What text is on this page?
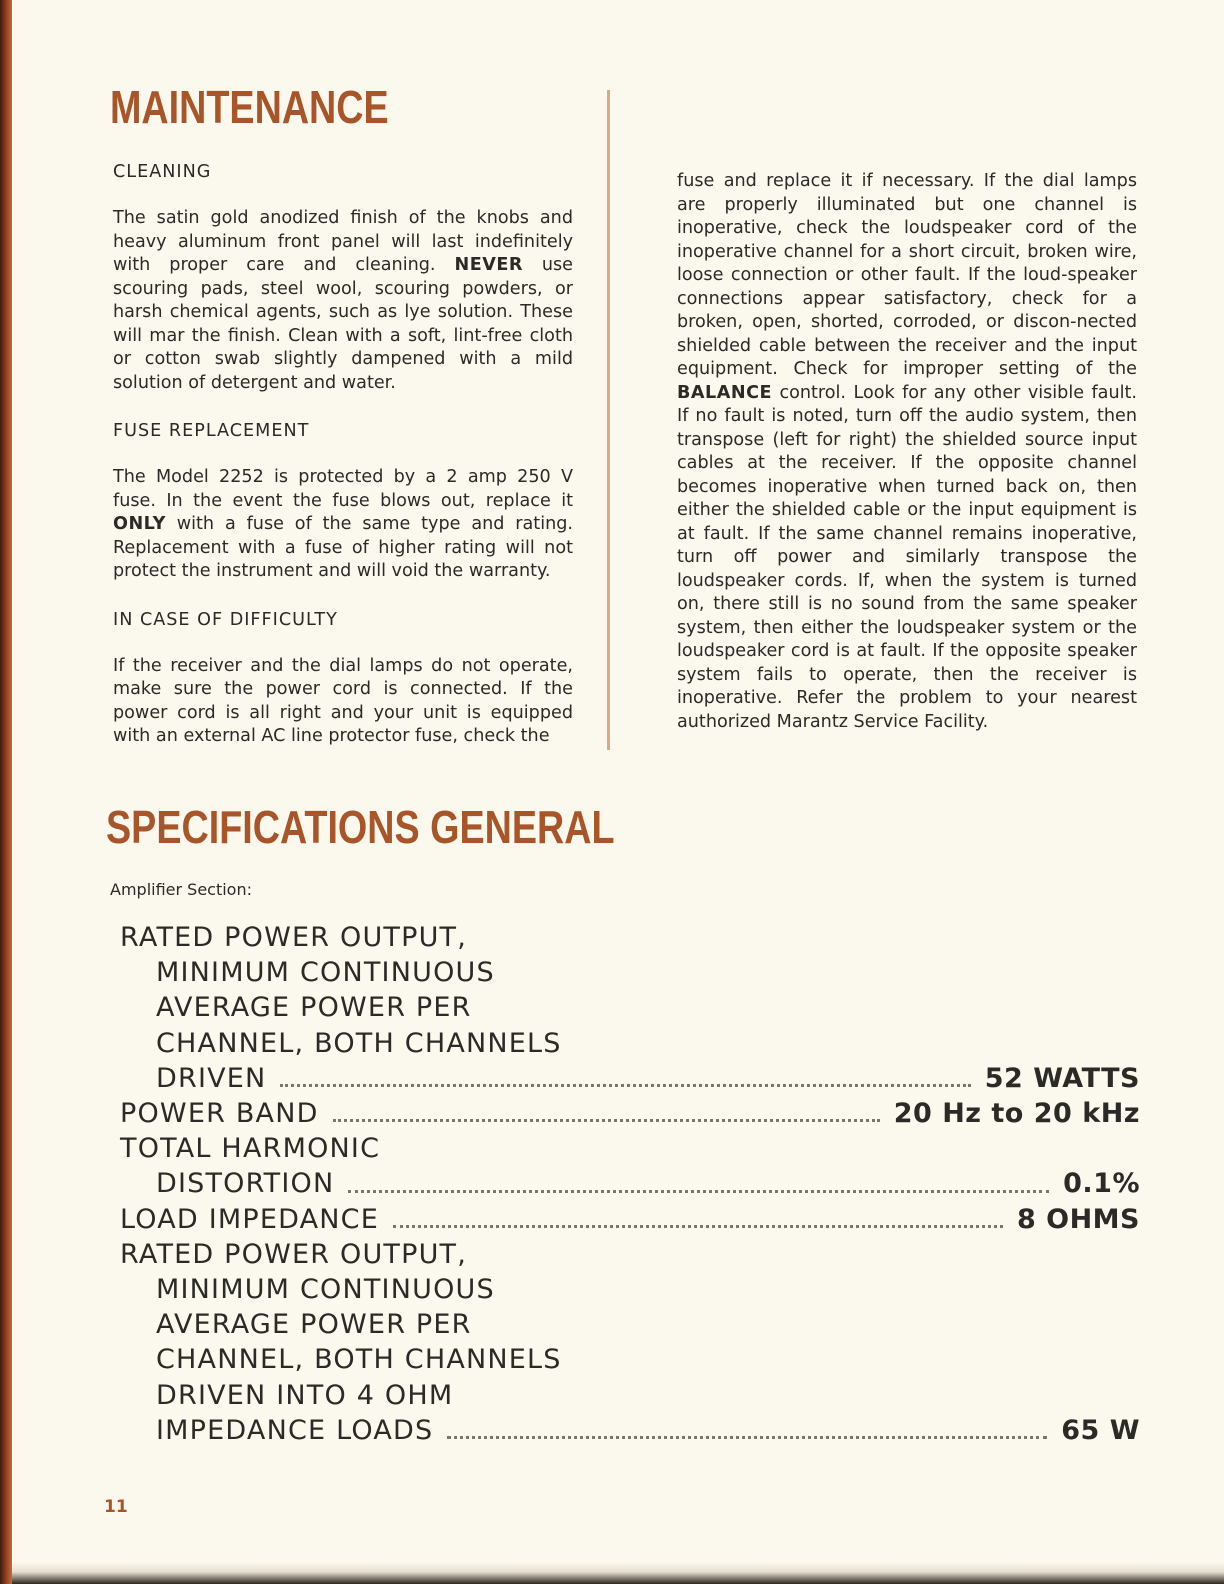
MAINTENANCE
CLEANING

The satin gold anodized finish of the knobs and heavy aluminum front panel will last indefinitely with proper care and cleaning. NEVER use scouring pads, steel wool, scouring powders, or harsh chemical agents, such as lye solution. These will mar the finish. Clean with a soft, lint-free cloth or cotton swab slightly dampened with a mild solution of detergent and water.

FUSE REPLACEMENT

The Model 2252 is protected by a 2 amp 250 V fuse. In the event the fuse blows out, replace it ONLY with a fuse of the same type and rating. Replacement with a fuse of higher rating will not protect the instrument and will void the warranty.

IN CASE OF DIFFICULTY

If the receiver and the dial lamps do not operate, make sure the power cord is connected. If the power cord is all right and your unit is equipped with an external AC line protector fuse, check the

fuse and replace it if necessary. If the dial lamps are properly illuminated but one channel is inoperative, check the loudspeaker cord of the inoperative channel for a short circuit, broken wire, loose connection or other fault. If the loud-speaker connections appear satisfactory, check for a broken, open, shorted, corroded, or discon-nected shielded cable between the receiver and the input equipment. Check for improper setting of the BALANCE control. Look for any other visible fault. If no fault is noted, turn off the audio system, then transpose (left for right) the shielded source input cables at the receiver. If the opposite channel becomes inoperative when turned back on, then either the shielded cable or the input equipment is at fault. If the same channel remains inoperative, turn off power and similarly transpose the loudspeaker cords. If, when the system is turned on, there still is no sound from the same speaker system, then either the loudspeaker system or the loudspeaker cord is at fault. If the opposite speaker system fails to operate, then the receiver is inoperative. Refer the problem to your nearest authorized Marantz Service Facility.

SPECIFICATIONS GENERAL
Amplifier Section:
RATED POWER OUTPUT,
MINIMUM CONTINUOUS
AVERAGE POWER PER
CHANNEL, BOTH CHANNELS
DRIVEN	52 WATTS
POWER BAND	20 Hz to 20 kHz
TOTAL HARMONIC
DISTORTION	0.1%
LOAD IMPEDANCE	8 OHMS
RATED POWER OUTPUT,
MINIMUM CONTINUOUS
AVERAGE POWER PER
CHANNEL, BOTH CHANNELS
DRIVEN INTO 4 OHM
IMPEDANCE LOADS	65 W
11
